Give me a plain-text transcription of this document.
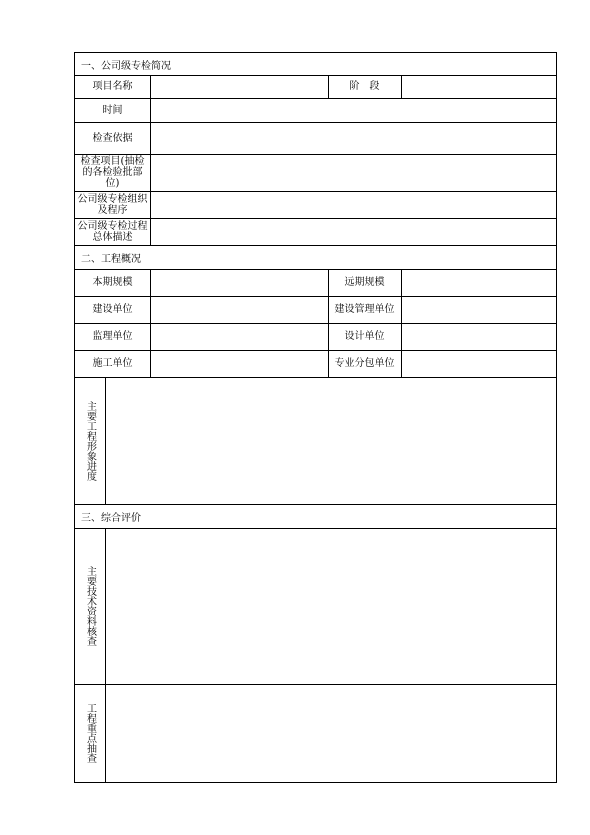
一、公司级专检简况
项目名称	阶　段
时间
检查依据
检查项目(抽检的各检验批部位)
公司级专检组织及程序
公司级专检过程总体描述
二、工程概况
本期规模	远期规模
建设单位	建设管理单位
监理单位	设计单位
施工单位	专业分包单位
主要工程形象进度
三、综合评价
主要技术资料核查
工程重点抽查
